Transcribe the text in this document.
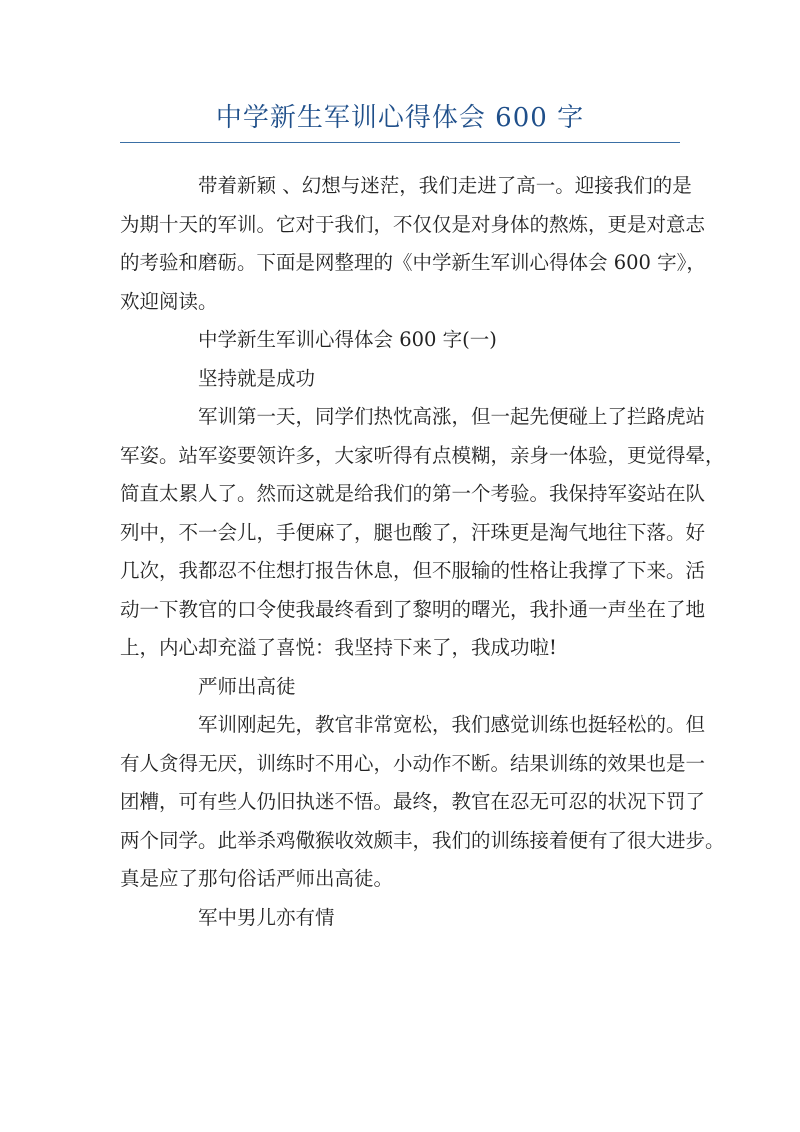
中学新生军训心得体会 600 字

带着新颖 、幻想与迷茫，我们走进了高一。迎接我们的是

为期十天的军训。它对于我们，不仅仅是对身体的熬炼，更是对意志

的考验和磨砺。下面是网整理的《中学新生军训心得体会 600 字》，

欢迎阅读。

中学新生军训心得体会 600 字(一)

坚持就是成功

军训第一天，同学们热忱高涨，但一起先便碰上了拦路虎站

军姿。站军姿要领许多，大家听得有点模糊，亲身一体验，更觉得晕，

简直太累人了。然而这就是给我们的第一个考验。我保持军姿站在队

列中，不一会儿，手便麻了，腿也酸了，汗珠更是淘气地往下落。好

几次，我都忍不住想打报告休息，但不服输的性格让我撑了下来。活

动一下教官的口令使我最终看到了黎明的曙光，我扑通一声坐在了地

上，内心却充溢了喜悦：我坚持下来了，我成功啦!

严师出高徒

军训刚起先，教官非常宽松，我们感觉训练也挺轻松的。但

有人贪得无厌，训练时不用心，小动作不断。结果训练的效果也是一

团糟，可有些人仍旧执迷不悟。最终，教官在忍无可忍的状况下罚了

两个同学。此举杀鸡儆猴收效颇丰，我们的训练接着便有了很大进步。

真是应了那句俗话严师出高徒。

军中男儿亦有情
